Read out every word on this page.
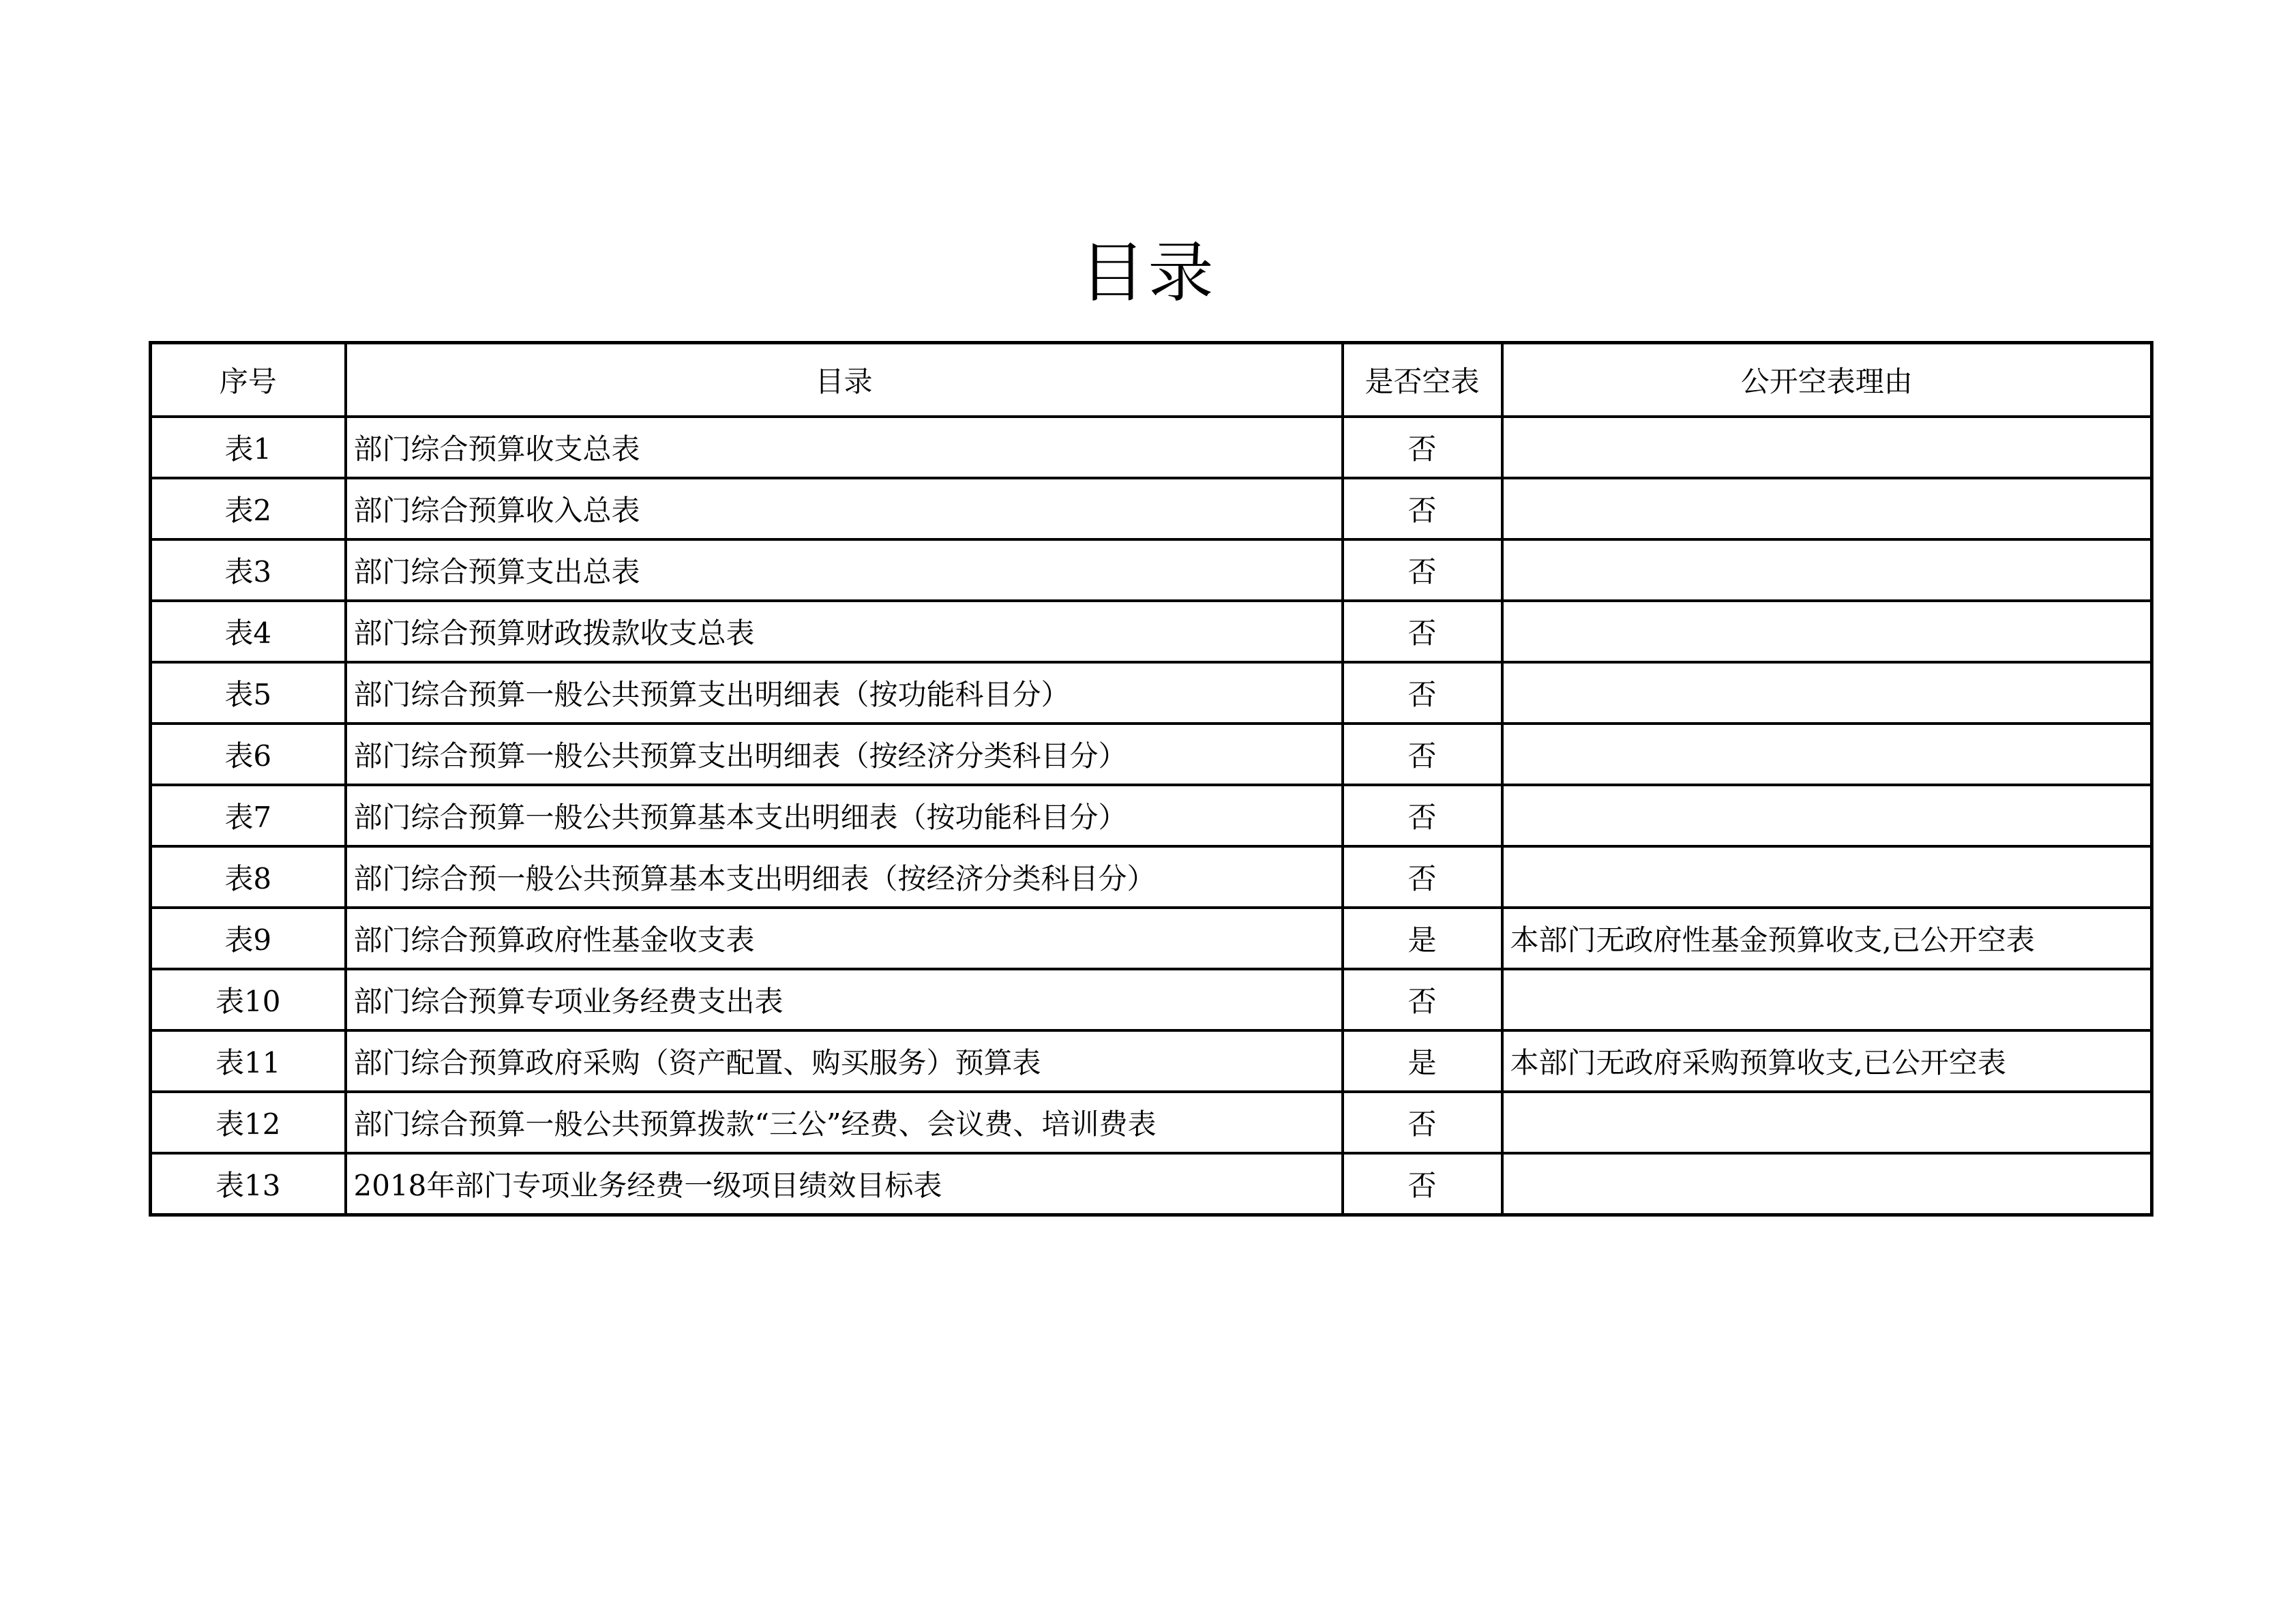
目录
序号	目录	是否空表	公开空表理由
表1	部门综合预算收支总表	否	
表2	部门综合预算收入总表	否	
表3	部门综合预算支出总表	否	
表4	部门综合预算财政拨款收支总表	否	
表5	部门综合预算一般公共预算支出明细表（按功能科目分）	否	
表6	部门综合预算一般公共预算支出明细表（按经济分类科目分）	否	
表7	部门综合预算一般公共预算基本支出明细表（按功能科目分）	否	
表8	部门综合预一般公共预算基本支出明细表（按经济分类科目分）	否	
表9	部门综合预算政府性基金收支表	是	本部门无政府性基金预算收支,已公开空表
表10	部门综合预算专项业务经费支出表	否	
表11	部门综合预算政府采购（资产配置、购买服务）预算表	是	本部门无政府采购预算收支,已公开空表
表12	部门综合预算一般公共预算拨款“三公”经费、会议费、培训费表	否	
表13	2018年部门专项业务经费一级项目绩效目标表	否	
